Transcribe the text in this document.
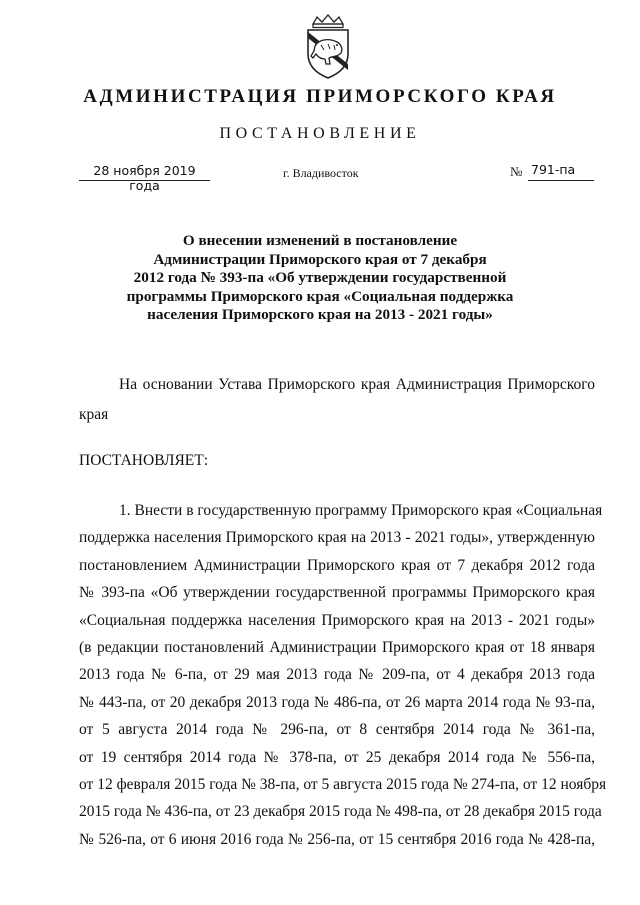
АДМИНИСТРАЦИЯ ПРИМОРСКОГО КРАЯ
ПОСТАНОВЛЕНИЕ
28 ноября 2019 года
г. Владивосток	№ 791-па
О внесении изменений в постановление
Администрации Приморского края от 7 декабря
2012 года № 393-па «Об утверждении государственной
программы Приморского края «Социальная поддержка
населения Приморского края на 2013 - 2021 годы»
На основании Устава Приморского края Администрация Приморского края
ПОСТАНОВЛЯЕТ:
1. Внести в государственную программу Приморского края «Социальная
поддержка населения Приморского края на 2013 - 2021 годы», утвержденную
постановлением Администрации Приморского края от 7 декабря 2012 года
№ 393-па «Об утверждении государственной программы Приморского края
«Социальная поддержка населения Приморского края на 2013 - 2021 годы»
(в редакции постановлений Администрации Приморского края от 18 января
2013 года № 6-па, от 29 мая 2013 года № 209-па, от 4 декабря 2013 года
№ 443-па, от 20 декабря 2013 года № 486-па, от 26 марта 2014 года № 93-па,
от 5 августа 2014 года № 296-па, от 8 сентября 2014 года № 361-па,
от 19 сентября 2014 года № 378-па, от 25 декабря 2014 года № 556-па,
от 12 февраля 2015 года № 38-па, от 5 августа 2015 года № 274-па, от 12 ноября
2015 года № 436-па, от 23 декабря 2015 года № 498-па, от 28 декабря 2015 года
№ 526-па, от 6 июня 2016 года № 256-па, от 15 сентября 2016 года № 428-па,
